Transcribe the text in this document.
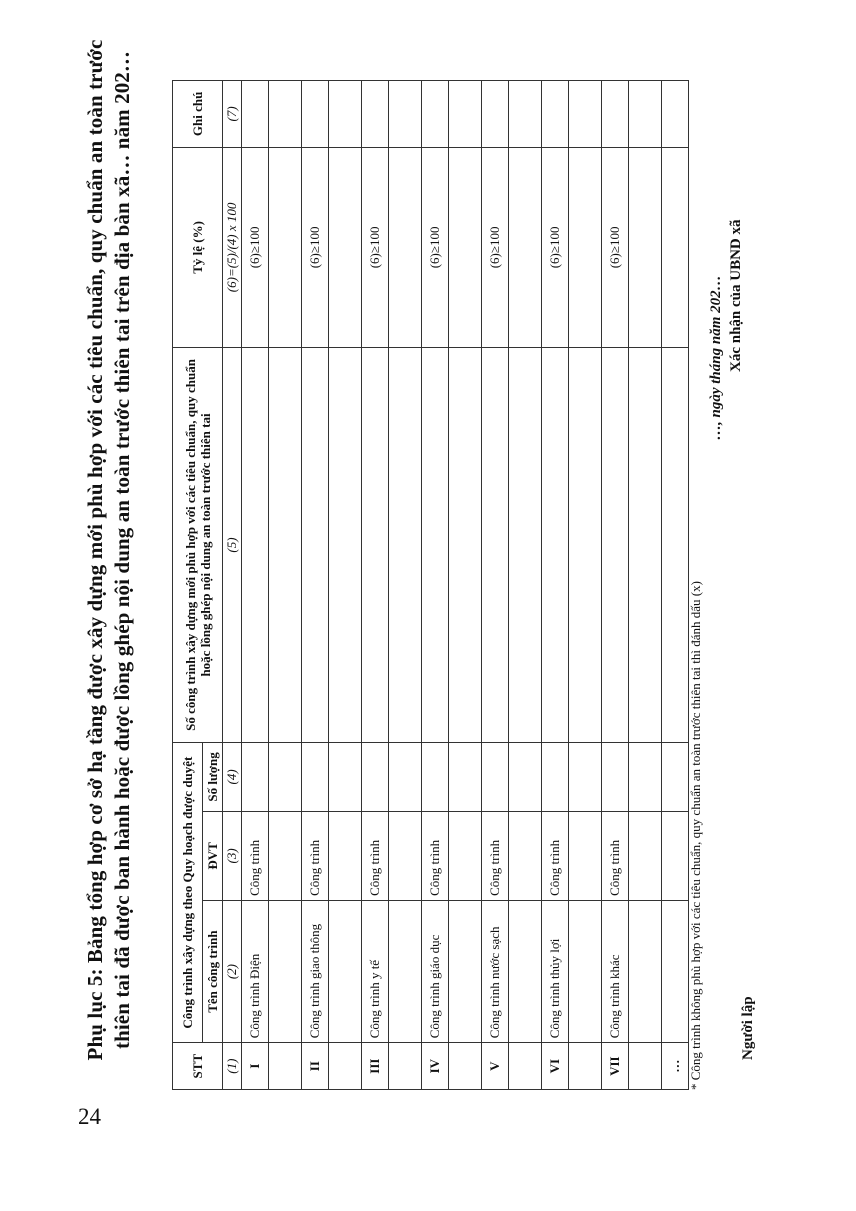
24
Phụ lục 5: Bảng tổng hợp cơ sở hạ tầng được xây dựng mới phù hợp với các tiêu chuẩn, quy chuẩn an toàn trước thiên tai đã được ban hành hoặc được lồng ghép nội dung an toàn trước thiên tai trên địa bàn xã… năm 202…
STT	Công trình xây dựng theo Quy hoạch được duyệt			Số công trình xây dựng mới phù hợp với các tiêu chuẩn, quy chuẩn hoặc lồng ghép nội dung an toàn trước thiên tai	Tỷ lệ (%)	Ghi chú
	Tên công trình	ĐVT	Số lượng			
(1)	(2)	(3)	(4)	(5)	(6)=(5)/(4) x 100	(7)
I	Công trình Điện	Công trình			(6)≥100	

II	Công trình giao thông	Công trình			(6)≥100	

III	Công trình y tế	Công trình			(6)≥100	

IV	Công trình giáo dục	Công trình			(6)≥100	

V	Công trình nước sạch	Công trình			(6)≥100	

VI	Công trình thủy lợi	Công trình			(6)≥100	

VII	Công trình khác	Công trình			(6)≥100	

…						* Công trình không phù hợp với các tiêu chuẩn, quy chuẩn an toàn trước thiên tai thì đánh dấu (x)
…, ngày tháng năm 202… Xác nhận của UBND xã
Người lập
